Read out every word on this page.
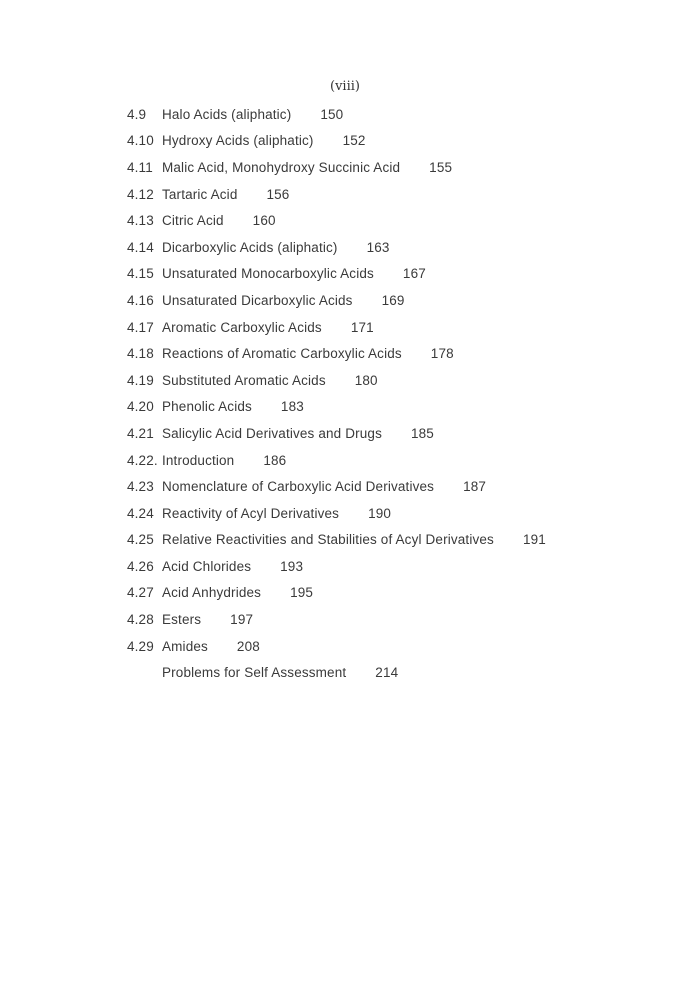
(viii)
4.9	Halo Acids (aliphatic) 150
4.10 Hydroxy Acids (aliphatic) 152
4.11 Malic Acid, Monohydroxy Succinic Acid 155
4.12 Tartaric Acid 156
4.13 Citric Acid 160
4.14 Dicarboxylic Acids (aliphatic) 163
4.15 Unsaturated Monocarboxylic Acids 167
4.16 Unsaturated Dicarboxylic Acids 169
4.17 Aromatic Carboxylic Acids 171
4.18 Reactions of Aromatic Carboxylic Acids 178
4.19 Substituted Aromatic Acids 180
4.20 Phenolic Acids 183
4.21 Salicylic Acid Derivatives and Drugs 185
4.22. Introduction 186
4.23 Nomenclature of Carboxylic Acid Derivatives 187
4.24 Reactivity of Acyl Derivatives 190
4.25 Relative Reactivities and Stabilities of Acyl Derivatives 191
4.26 Acid Chlorides 193
4.27 Acid Anhydrides 195
4.28 Esters 197
4.29 Amides 208
Problems for Self Assessment 214
